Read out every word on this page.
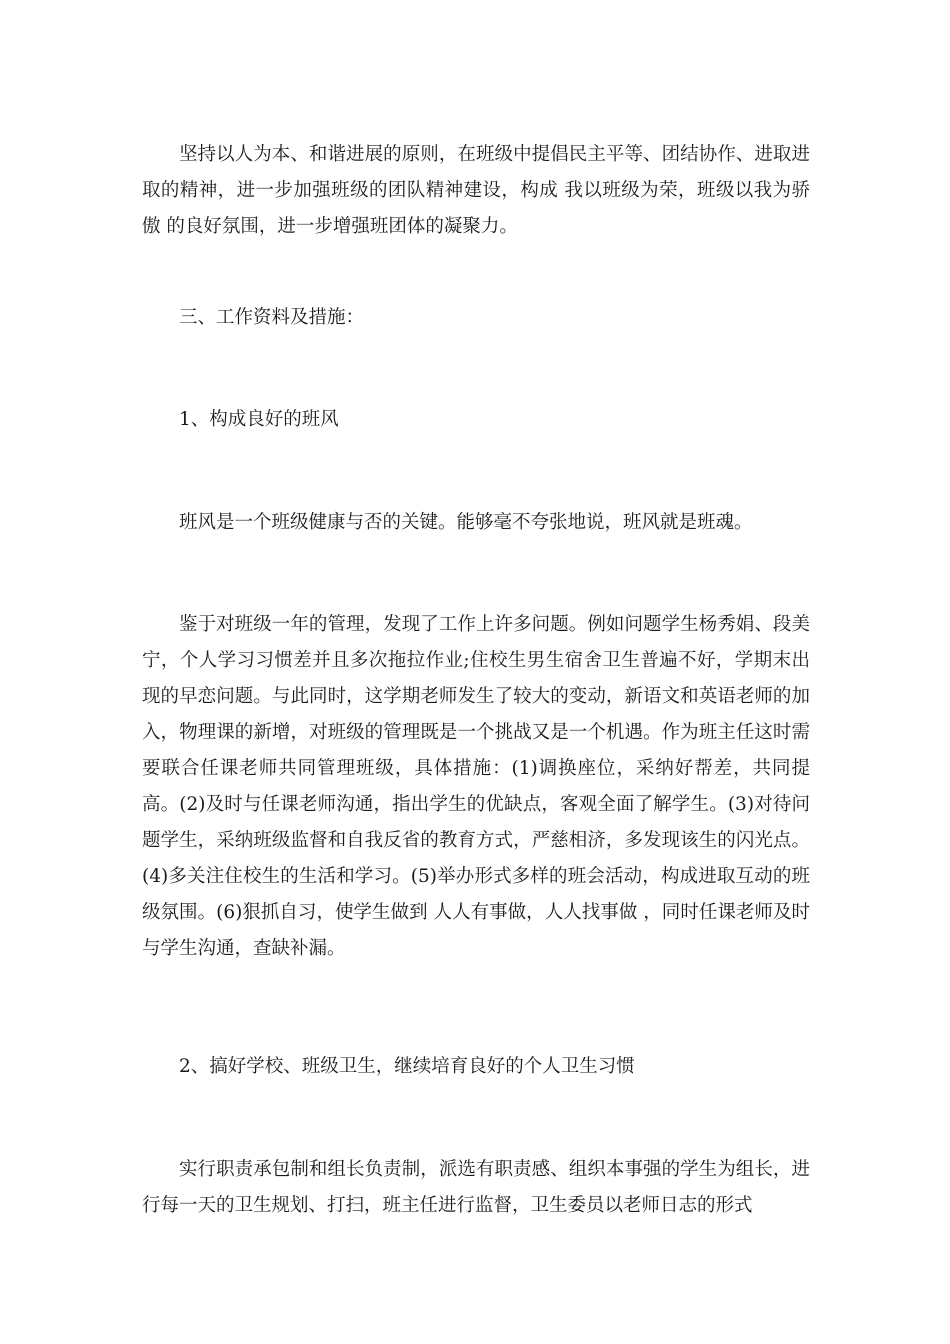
坚持以人为本、和谐进展的原则，在班级中提倡民主平等、团结协作、进取进取的精神，进一步加强班级的团队精神建设，构成 我以班级为荣，班级以我为骄傲 的良好氛围，进一步增强班团体的凝聚力。

三、工作资料及措施：

1、构成良好的班风

班风是一个班级健康与否的关键。能够毫不夸张地说，班风就是班魂。

鉴于对班级一年的管理，发现了工作上许多问题。例如问题学生杨秀娟、段美宁，个人学习习惯差并且多次拖拉作业;住校生男生宿舍卫生普遍不好，学期末出现的早恋问题。与此同时，这学期老师发生了较大的变动，新语文和英语老师的加入，物理课的新增，对班级的管理既是一个挑战又是一个机遇。作为班主任这时需要联合任课老师共同管理班级，具体措施：(1)调换座位，采纳好帮差，共同提高。(2)及时与任课老师沟通，指出学生的优缺点，客观全面了解学生。(3)对待问题学生，采纳班级监督和自我反省的教育方式，严慈相济，多发现该生的闪光点。(4)多关注住校生的生活和学习。(5)举办形式多样的班会活动，构成进取互动的班级氛围。(6)狠抓自习，使学生做到 人人有事做，人人找事做 ，同时任课老师及时与学生沟通，查缺补漏。

2、搞好学校、班级卫生，继续培育良好的个人卫生习惯

实行职责承包制和组长负责制，派选有职责感、组织本事强的学生为组长，进行每一天的卫生规划、打扫，班主任进行监督，卫生委员以老师日志的形式
